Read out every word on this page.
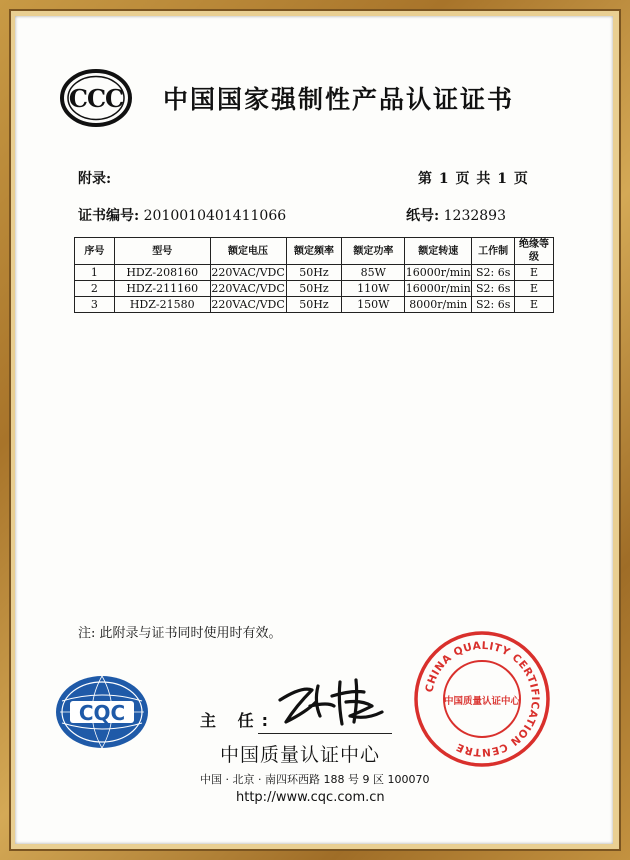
CCC 中国国家强制性产品认证证书
附录:	第 1 页 共 1 页
证书编号: 2010010401411066	纸号: 1232893
序号	型号	额定电压	额定频率	额定功率	额定转速	工作制	绝缘等级
1	HDZ-208160	220VAC/VDC	50Hz	85W	16000r/min	S2: 6s	E
2	HDZ-211160	220VAC/VDC	50Hz	110W	16000r/min	S2: 6s	E
3	HDZ-21580	220VAC/VDC	50Hz	150W	8000r/min	S2: 6s	E
注: 此附录与证书同时使用时有效。
CQC	主 任:
中国质量认证中心
中国 · 北京 · 南四环西路 188 号 9 区 100070
http://www.cqc.com.cn
CHINA QUALITY CERTIFICATION CENTRE
中国质量认证中心
